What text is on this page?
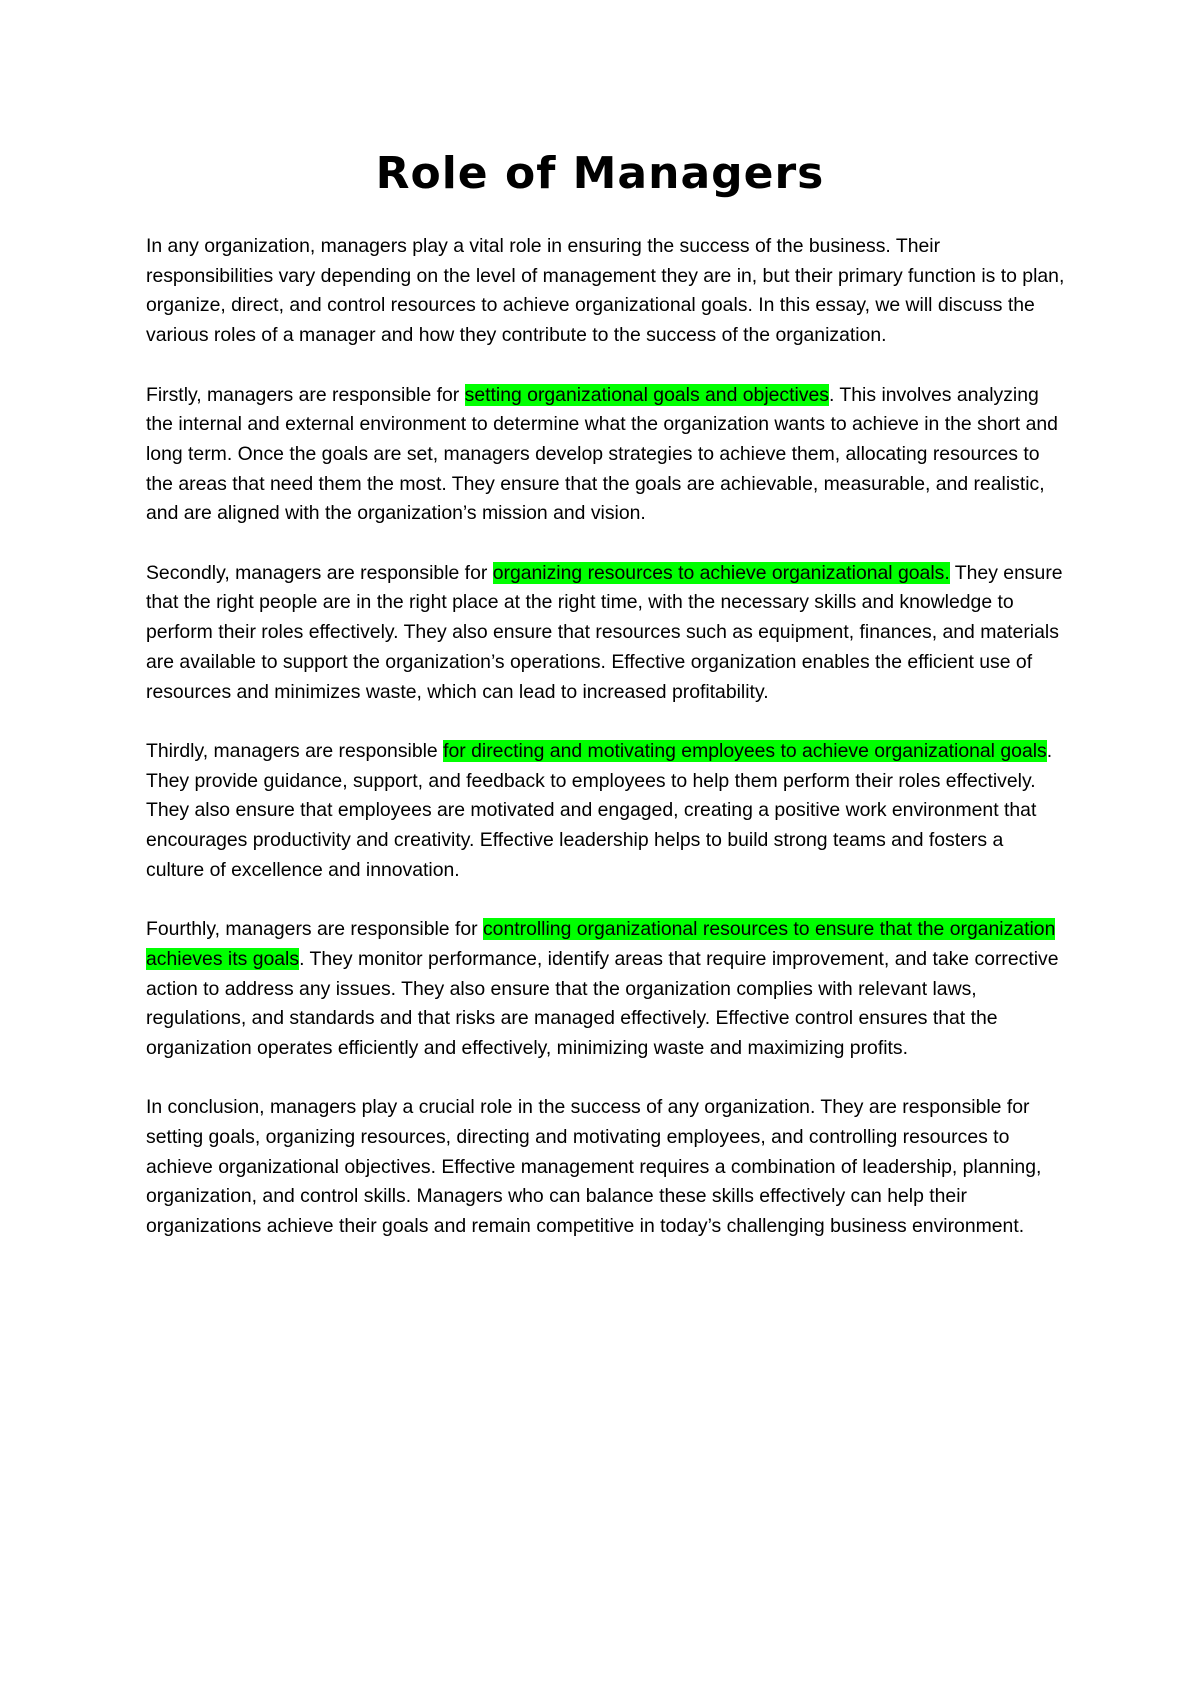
Role of Managers

In any organization, managers play a vital role in ensuring the success of the business. Their responsibilities vary depending on the level of management they are in, but their primary function is to plan, organize, direct, and control resources to achieve organizational goals. In this essay, we will discuss the various roles of a manager and how they contribute to the success of the organization.

Firstly, managers are responsible for setting organizational goals and objectives. This involves analyzing the internal and external environment to determine what the organization wants to achieve in the short and long term. Once the goals are set, managers develop strategies to achieve them, allocating resources to the areas that need them the most. They ensure that the goals are achievable, measurable, and realistic, and are aligned with the organization’s mission and vision.

Secondly, managers are responsible for organizing resources to achieve organizational goals. They ensure that the right people are in the right place at the right time, with the necessary skills and knowledge to perform their roles effectively. They also ensure that resources such as equipment, finances, and materials are available to support the organization’s operations. Effective organization enables the efficient use of resources and minimizes waste, which can lead to increased profitability.

Thirdly, managers are responsible for directing and motivating employees to achieve organizational goals. They provide guidance, support, and feedback to employees to help them perform their roles effectively. They also ensure that employees are motivated and engaged, creating a positive work environment that encourages productivity and creativity. Effective leadership helps to build strong teams and fosters a culture of excellence and innovation.

Fourthly, managers are responsible for controlling organizational resources to ensure that the organization achieves its goals. They monitor performance, identify areas that require improvement, and take corrective action to address any issues. They also ensure that the organization complies with relevant laws, regulations, and standards and that risks are managed effectively. Effective control ensures that the organization operates efficiently and effectively, minimizing waste and maximizing profits.

In conclusion, managers play a crucial role in the success of any organization. They are responsible for setting goals, organizing resources, directing and motivating employees, and controlling resources to achieve organizational objectives. Effective management requires a combination of leadership, planning, organization, and control skills. Managers who can balance these skills effectively can help their organizations achieve their goals and remain competitive in today’s challenging business environment.
